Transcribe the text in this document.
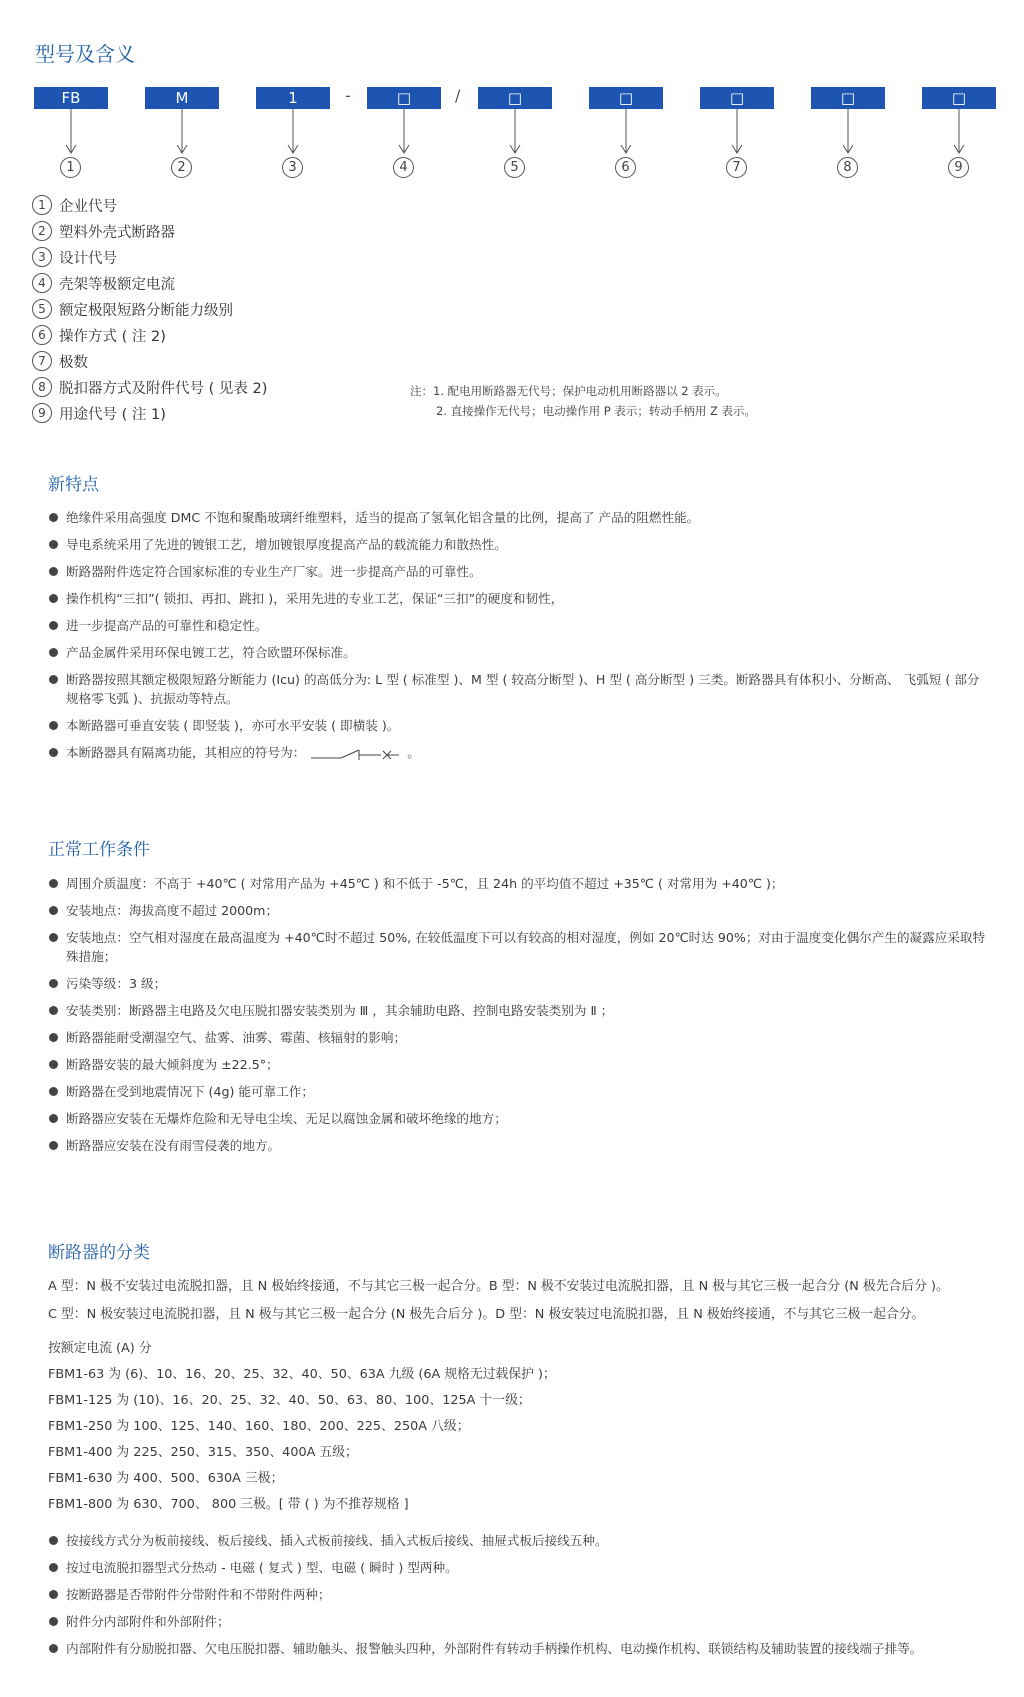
型号及含义
FB	M	1	-	□	/	□	□	□	□	□
1	2	3	4	5	6	7	8	9
1 企业代号
2 塑料外壳式断路器
3 设计代号
4 壳架等极额定电流
5 额定极限短路分断能力级别
6 操作方式 ( 注 2)
7 极数
8 脱扣器方式及附件代号 ( 见表 2)
9 用途代号 ( 注 1)
注：1. 配电用断路器无代号；保护电动机用断路器以 2 表示。
2. 直接操作无代号；电动操作用 P 表示；转动手柄用 Z 表示。
新特点
绝缘件采用高强度 DMC 不饱和聚酯玻璃纤维塑料，适当的提高了氢氧化铝含量的比例，提高了 产品的阻燃性能。
导电系统采用了先进的镀银工艺，增加镀银厚度提高产品的载流能力和散热性。
断路器附件选定符合国家标准的专业生产厂家。进一步提高产品的可靠性。
操作机构“三扣”( 锁扣、再扣、跳扣 )，采用先进的专业工艺，保证“三扣”的硬度和韧性，
进一步提高产品的可靠性和稳定性。
产品金属件采用环保电镀工艺，符合欧盟环保标准。
断路器按照其额定极限短路分断能力 (Icu) 的高低分为: L 型 ( 标准型 )、M 型 ( 较高分断型 )、H 型 ( 高分断型 ) 三类。断路器具有体积小、分断高、 飞弧短 ( 部分规格零飞弧 )、抗振动等特点。
本断路器可垂直安装 ( 即竖装 )，亦可水平安装 ( 即横装 )。
本断路器具有隔离功能，其相应的符号为：	。
正常工作条件
周围介质温度：不高于 +40℃ ( 对常用产品为 +45℃ ) 和不低于 -5℃，且 24h 的平均值不超过 +35℃ ( 对常用为 +40℃ )；
安装地点：海拔高度不超过 2000m；
安装地点：空气相对湿度在最高温度为 +40℃时不超过 50%, 在较低温度下可以有较高的相对湿度，例如 20℃时达 90%；对由于温度变化偶尔产生的凝露应采取特殊措施；
污染等级：3 级；
安装类别：断路器主电路及欠电压脱扣器安装类别为 Ⅲ ，其余辅助电路、控制电路安装类别为 Ⅱ ；
断路器能耐受潮湿空气、盐雾、油雾、霉菌、核辐射的影响；
断路器安装的最大倾斜度为 ±22.5°；
断路器在受到地震情况下 (4g) 能可靠工作；
断路器应安装在无爆炸危险和无导电尘埃、无足以腐蚀金属和破坏绝缘的地方；
断路器应安装在没有雨雪侵袭的地方。
断路器的分类
A 型：N 极不安装过电流脱扣器，且 N 极始终接通，不与其它三极一起合分。B 型：N 极不安装过电流脱扣器，且 N 极与其它三极一起合分 (N 极先合后分 )。
C 型：N 极安装过电流脱扣器，且 N 极与其它三极一起合分 (N 极先合后分 )。D 型：N 极安装过电流脱扣器，且 N 极始终接通，不与其它三极一起合分。
按额定电流 (A) 分
FBM1-63 为 (6)、10、16、20、25、32、40、50、63A 九级 (6A 规格无过载保护 )；
FBM1-125 为 (10)、16、20、25、32、40、50、63、80、100、125A 十一级；
FBM1-250 为 100、125、140、160、180、200、225、250A 八级；
FBM1-400 为 225、250、315、350、400A 五级；
FBM1-630 为 400、500、630A 三极；
FBM1-800 为 630、700、 800 三极。[ 带 ( ) 为不推荐规格 ]
按接线方式分为板前接线、板后接线、插入式板前接线、插入式板后接线、抽屉式板后接线五种。
按过电流脱扣器型式分热动 - 电磁 ( 复式 ) 型、电磁 ( 瞬时 ) 型两种。
按断路器是否带附件分带附件和不带附件两种；
附件分内部附件和外部附件；
内部附件有分励脱扣器、欠电压脱扣器、辅助触头、报警触头四种，外部附件有转动手柄操作机构、电动操作机构、联锁结构及辅助装置的接线端子排等。
